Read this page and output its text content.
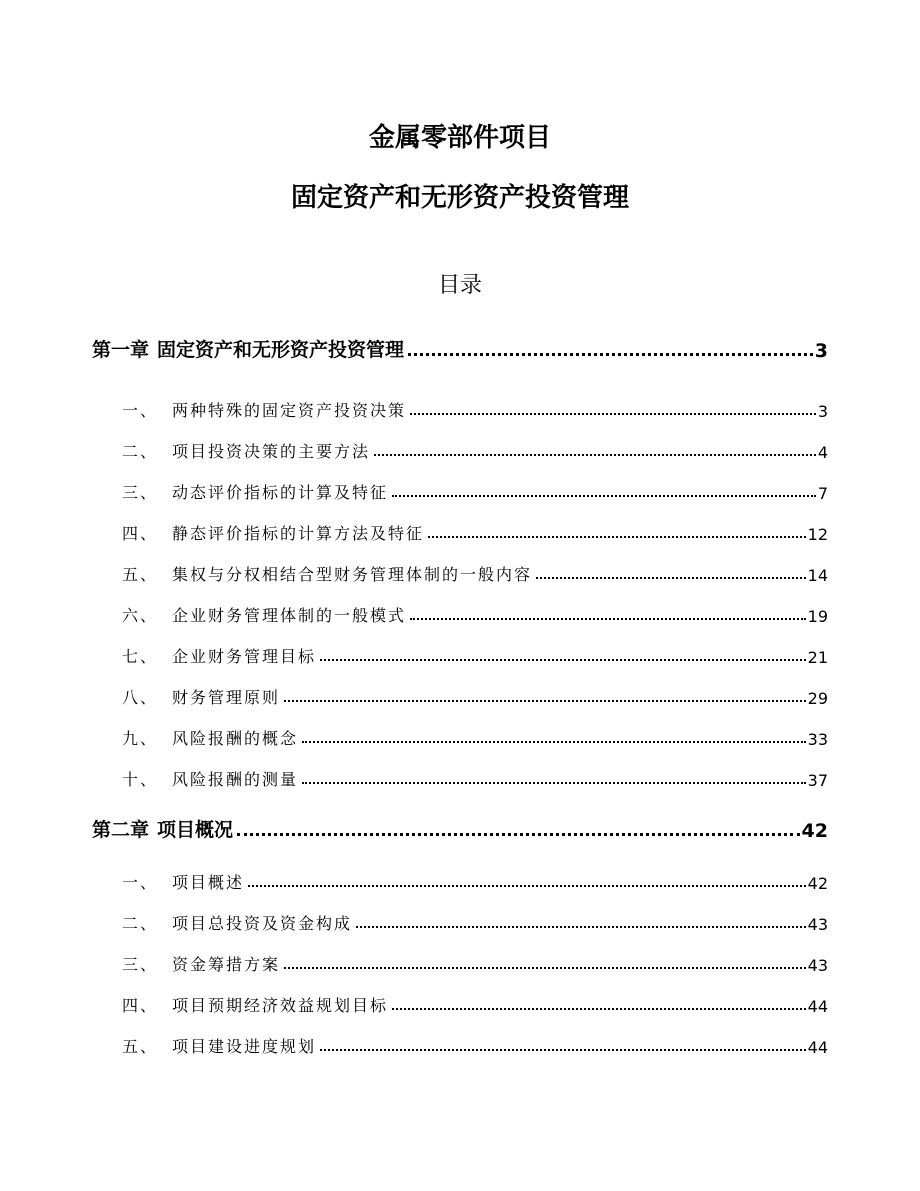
金属零部件项目
固定资产和无形资产投资管理
目录
第一章 固定资产和无形资产投资管理	3
一、 两种特殊的固定资产投资决策	3
二、 项目投资决策的主要方法	4
三、 动态评价指标的计算及特征	7
四、 静态评价指标的计算方法及特征	12
五、 集权与分权相结合型财务管理体制的一般内容	14
六、 企业财务管理体制的一般模式	19
七、 企业财务管理目标	21
八、 财务管理原则	29
九、 风险报酬的概念	33
十、 风险报酬的测量	37
第二章 项目概况	42
一、 项目概述	42
二、 项目总投资及资金构成	43
三、 资金筹措方案	43
四、 项目预期经济效益规划目标	44
五、 项目建设进度规划	44
